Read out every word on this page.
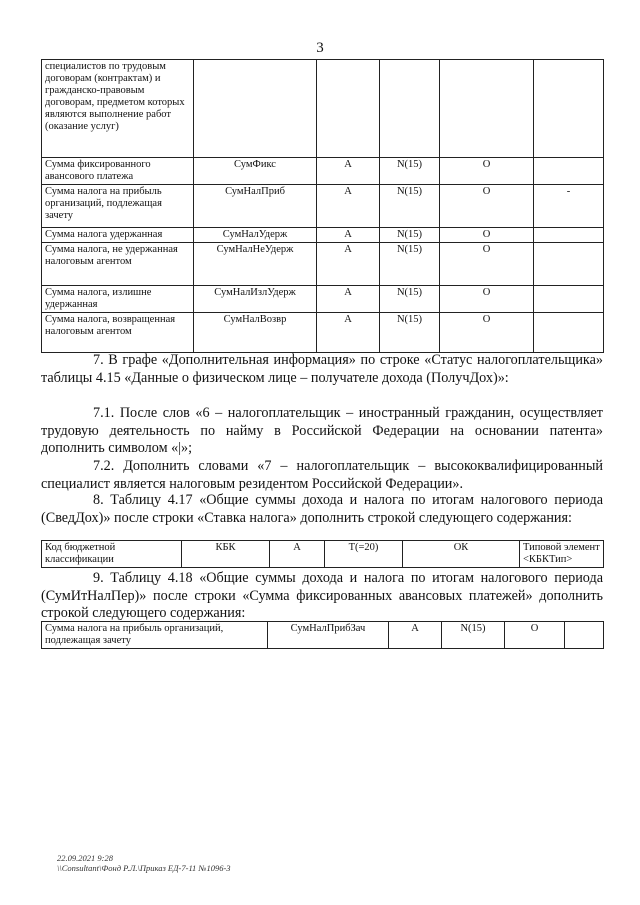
3
специалистов по трудовым договорам (контрактам) и гражданско-правовым договорам, предметом которых являются выполнение работ (оказание услуг)					
Сумма фиксированного авансового платежа	СумФикс	А	N(15)	О	
Сумма налога на прибыль организаций, подлежащая зачету	СумНалПриб	А	N(15)	О	-
Сумма налога удержанная	СумНалУдерж	А	N(15)	О	
Сумма налога, не удержанная налоговым агентом	СумНалНеУдерж	А	N(15)	О	
Сумма налога, излишне удержанная	СумНалИзлУдерж	А	N(15)	О	
Сумма налога, возвращенная налоговым агентом	СумНалВозвр	А	N(15)	О	

7. В графе «Дополнительная информация» по строке «Статус налогоплательщика» таблицы 4.15 «Данные о физическом лице – получателе дохода (ПолучДох)»:

7.1. После слов «6 – налогоплательщик – иностранный гражданин, осуществляет трудовую деятельность по найму в Российской Федерации на основании патента» дополнить символом «|»;

7.2. Дополнить словами «7 – налогоплательщик – высококвалифицированный специалист является налоговым резидентом Российской Федерации».

8. Таблицу 4.17 «Общие суммы дохода и налога по итогам налогового периода (СведДох)» после строки «Ставка налога» дополнить строкой следующего содержания:

Код бюджетной классификации	КБК	А	T(=20)	ОК	Типовой элемент <КБКТип>

9. Таблицу 4.18 «Общие суммы дохода и налога по итогам налогового периода (СумИтНалПер)» после строки «Сумма фиксированных авансовых платежей» дополнить строкой следующего содержания:

Сумма налога на прибыль организаций, подлежащая зачету	СумНалПрибЗач	А	N(15)	О	
22.09.2021 9:28
\\Consultant\Фонд Р.Л.\Приказ ЕД-7-11 №1096-3
